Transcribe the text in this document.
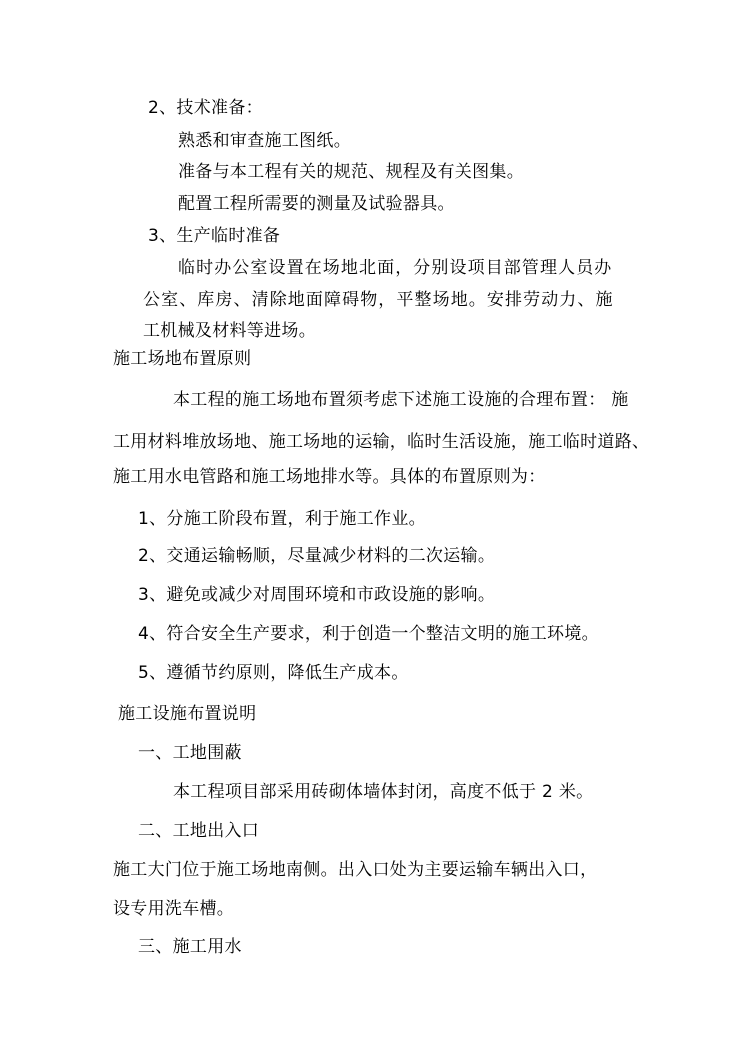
2、技术准备：
熟悉和审查施工图纸。
准备与本工程有关的规范、规程及有关图集。
配置工程所需要的测量及试验器具。
3、生产临时准备
临时办公室设置在场地北面，分别设项目部管理人员办
公室、库房、清除地面障碍物，平整场地。安排劳动力、施
工机械及材料等进场。
施工场地布置原则
本工程的施工场地布置须考虑下述施工设施的合理布置： 施
工用材料堆放场地、施工场地的运输，临时生活设施，施工临时道路、
施工用水电管路和施工场地排水等。具体的布置原则为：
1、分施工阶段布置，利于施工作业。
2、交通运输畅顺，尽量减少材料的二次运输。
3、避免或减少对周围环境和市政设施的影响。
4、符合安全生产要求，利于创造一个整洁文明的施工环境。
5、遵循节约原则，降低生产成本。
施工设施布置说明
一、工地围蔽
本工程项目部采用砖砌体墙体封闭，高度不低于 2 米。
二、工地出入口
施工大门位于施工场地南侧。出入口处为主要运输车辆出入口，
设专用洗车槽。
三、施工用水
